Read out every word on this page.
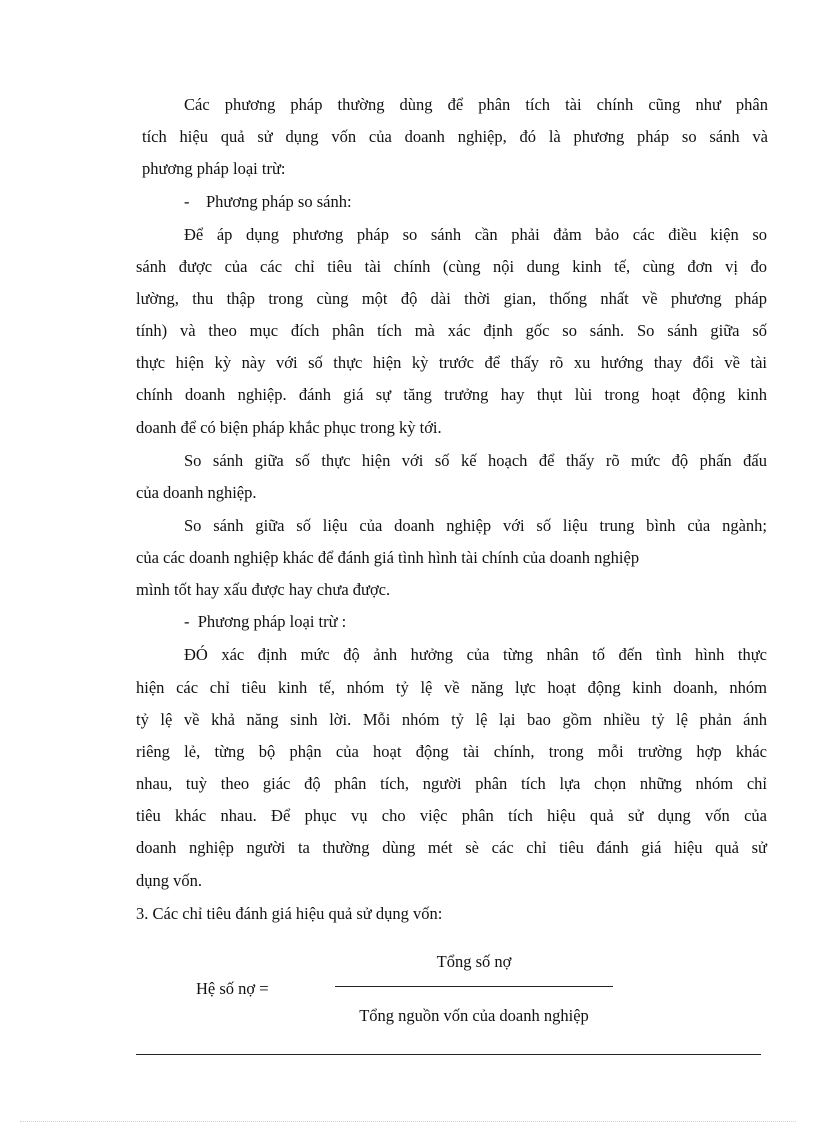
Các phương pháp thường dùng để phân tích tài chính cũng như phân
tích hiệu quả sử dụng vốn của doanh nghiệp, đó là phương pháp so sánh và
phương pháp loại trừ:
-    Phương pháp so sánh:
Để áp dụng phương pháp so sánh cần phải đảm bảo các điều kiện so
sánh được của các chỉ tiêu tài chính (cùng nội dung kinh tế, cùng đơn vị đo
lường, thu thập trong cùng một độ dài thời gian, thống nhất về phương pháp
tính) và theo mục đích phân tích mà xác định gốc so sánh. So sánh giữa số
thực hiện kỳ này với số thực hiện kỳ trước để thấy rõ xu hướng thay đổi về tài
chính doanh nghiệp. đánh giá sự tăng trưởng hay thụt lùi trong hoạt động kinh
doanh để có biện pháp khắc phục trong kỳ tới.
So sánh giữa số thực hiện với số kế hoạch để thấy rõ mức độ phấn đấu
của doanh nghiệp.
So sánh giữa số liệu của doanh nghiệp với số liệu trung bình của ngành;
của các doanh nghiệp khác để đánh giá tình hình tài chính của doanh nghiệp
mình tốt hay xấu được hay chưa được.
-  Phương pháp loại trừ :
ĐÓ xác định mức độ ảnh hưởng của từng nhân tố đến tình hình thực
hiện các chỉ tiêu kinh tế, nhóm tỷ lệ về năng lực hoạt động kinh doanh, nhóm
tỷ lệ về khả năng sinh lời. Mỗi nhóm tỷ lệ lại bao gồm nhiều tỷ lệ phản ánh
riêng lẻ, từng bộ phận của hoạt động tài chính, trong mỗi trường hợp khác
nhau, tuỳ theo giác độ phân tích, người phân tích lựa chọn những nhóm chỉ
tiêu khác nhau. Để phục vụ cho việc phân tích hiệu quả sử dụng vốn của
doanh nghiệp người ta thường dùng mét sè các chỉ tiêu đánh giá hiệu quả sử
dụng vốn.
3. Các chỉ tiêu đánh giá hiệu quả sử dụng vốn:
Hệ số nợ =
Tổng số nợ
Tổng nguồn vốn của doanh nghiệp
